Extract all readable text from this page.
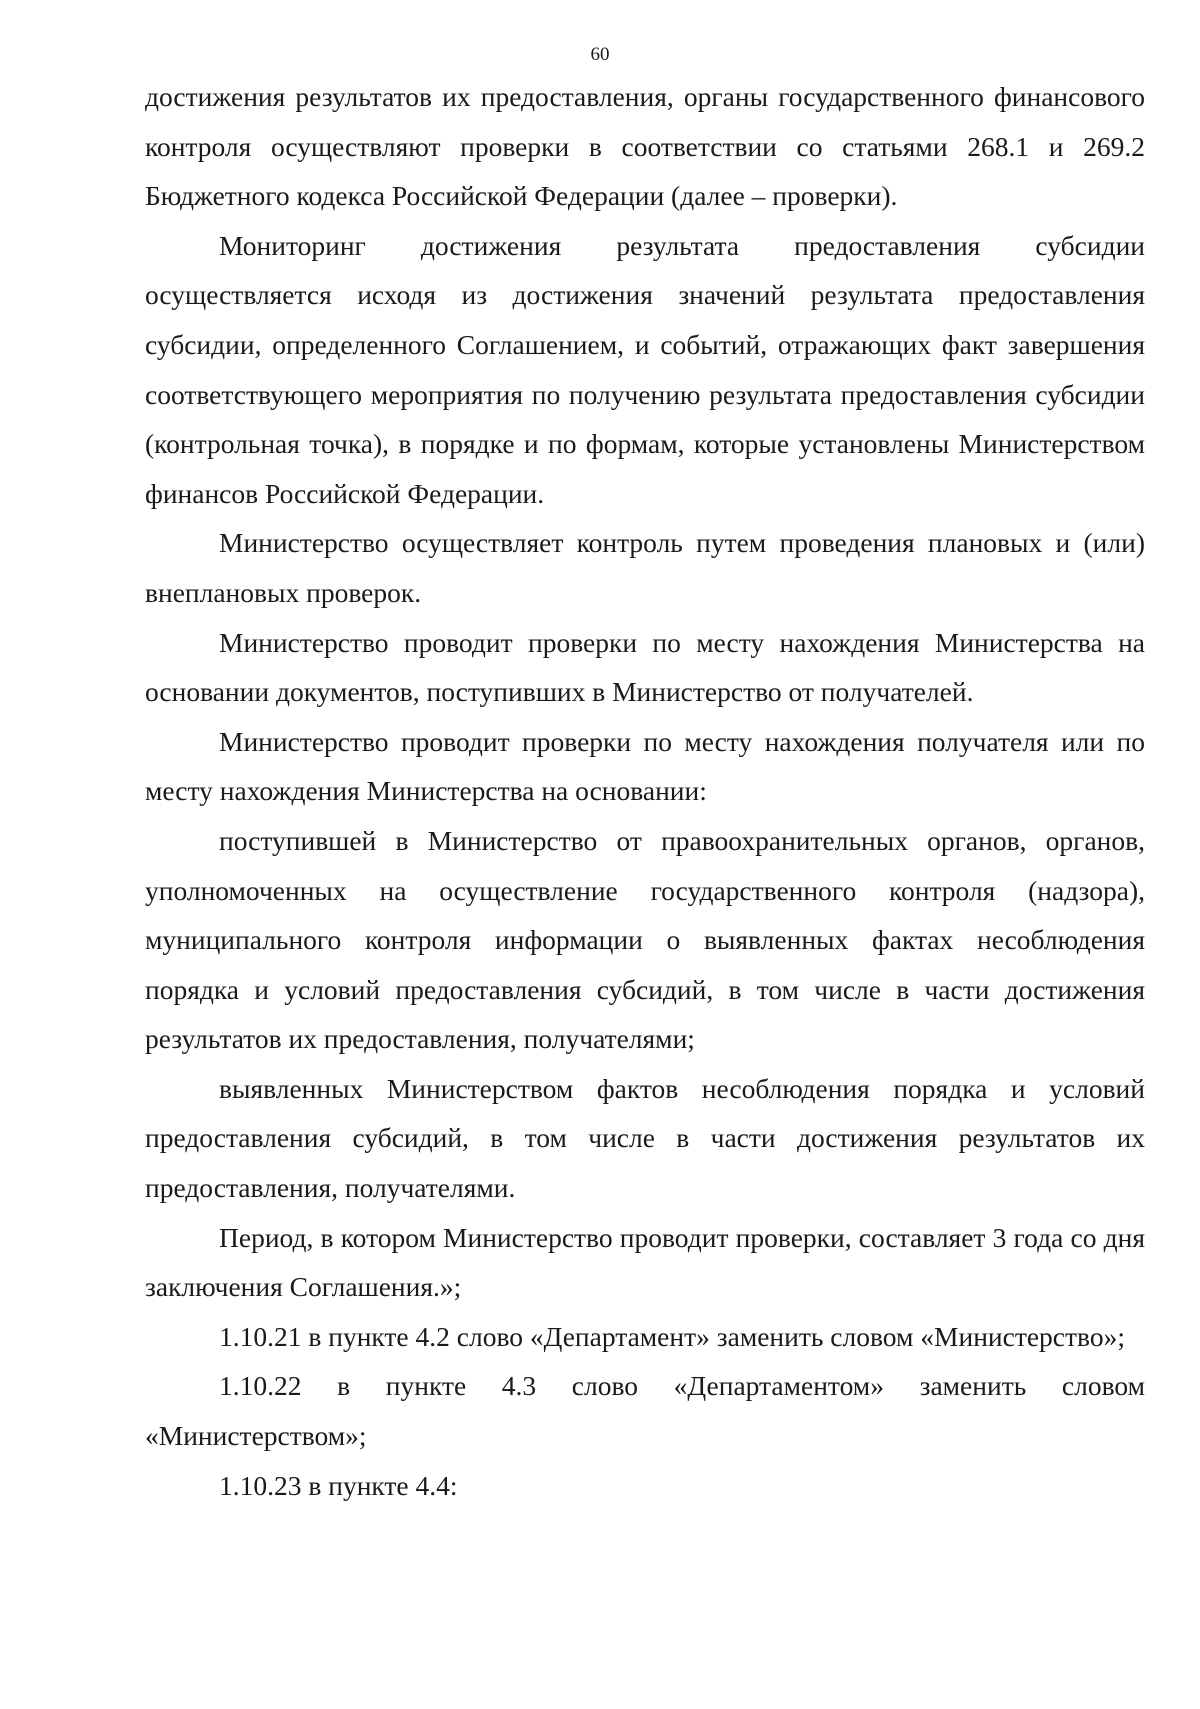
60

достижения результатов их предоставления, органы государственного финансового контроля осуществляют проверки в соответствии со статьями 268.1 и 269.2 Бюджетного кодекса Российской Федерации (далее – проверки).

Мониторинг достижения результата предоставления субсидии осуществляется исходя из достижения значений результата предоставления субсидии, определенного Соглашением, и событий, отражающих факт завершения соответствующего мероприятия по получению результата предоставления субсидии (контрольная точка), в порядке и по формам, которые установлены Министерством финансов Российской Федерации.

Министерство осуществляет контроль путем проведения плановых и (или) внеплановых проверок.

Министерство проводит проверки по месту нахождения Министерства на основании документов, поступивших в Министерство от получателей.

Министерство проводит проверки по месту нахождения получателя или по месту нахождения Министерства на основании:

поступившей в Министерство от правоохранительных органов, органов, уполномоченных на осуществление государственного контроля (надзора), муниципального контроля информации о выявленных фактах несоблюдения порядка и условий предоставления субсидий, в том числе в части достижения результатов их предоставления, получателями;

выявленных Министерством фактов несоблюдения порядка и условий предоставления субсидий, в том числе в части достижения результатов их предоставления, получателями.

Период, в котором Министерство проводит проверки, составляет 3 года со дня заключения Соглашения.»;

1.10.21 в пункте 4.2 слово «Департамент» заменить словом «Министерство»;

1.10.22 в пункте 4.3 слово «Департаментом» заменить словом «Министерством»;

1.10.23 в пункте 4.4:
